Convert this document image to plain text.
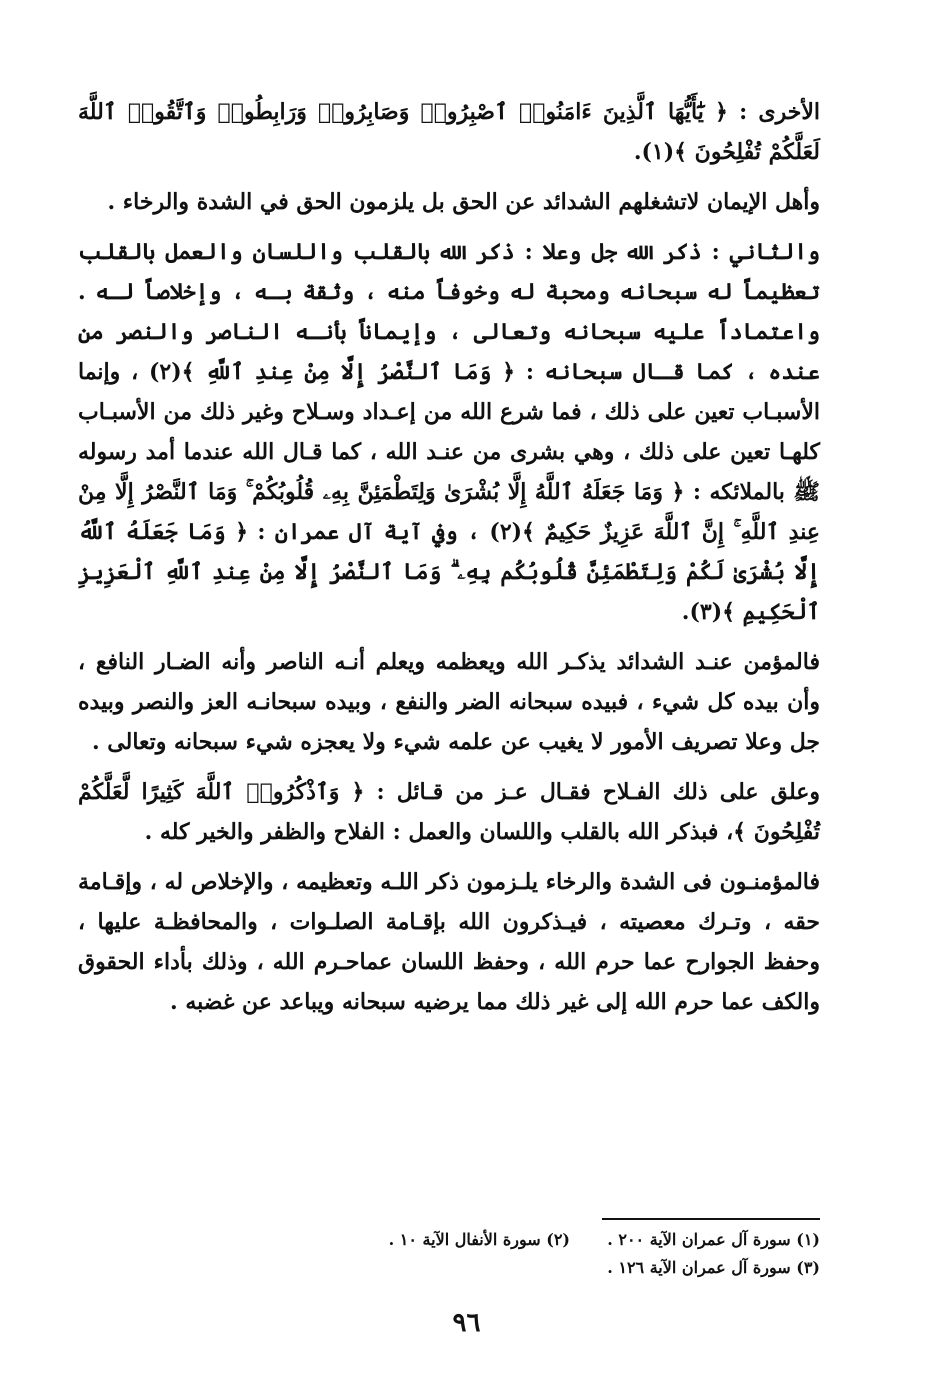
الأخرى : ﴿ يَٰٓأَيُّهَا ٱلَّذِينَ ءَامَنُوا۟ ٱصْبِرُوا۟ وَصَابِرُوا۟ وَرَابِطُوا۟ وَٱتَّقُوا۟ ٱللَّهَ لَعَلَّكُمْ تُفْلِحُونَ ﴾(١).

وأهل الإيمان لاتشغلهم الشدائد عن الحق بل يلزمون الحق في الشدة والرخاء .

والثاني : ذكر الله جل وعلا : ذكر الله بالقلب واللسان والعمل بالقلب تعظيماً له سبحانه ومحبة له وخوفاً منه ، وثقة بـه ، وإخلاصاً لـه . واعتماداً عليه سبحانه وتعالى ، وإيماناً بأنـه الناصر والنصر من عنده ، كما قـال سبحانه : ﴿ وَمَا ٱلنَّصْرُ إِلَّا مِنْ عِندِ ٱللَّهِ ﴾(٢) ، وإنما الأسبـاب تعين على ذلك ، فما شرع الله من إعـداد وسـلاح وغير ذلك من الأسبـاب كلهـا تعين على ذلك ، وهي بشرى من عنـد الله ، كما قـال الله عندما أمد رسوله ﷺ بالملائكه : ﴿ وَمَا جَعَلَهُ ٱللَّهُ إِلَّا بُشْرَىٰ وَلِتَطْمَئِنَّ بِهِۦ قُلُوبُكُمْ ۚ وَمَا ٱلنَّصْرُ إِلَّا مِنْ عِندِ ٱللَّهِ ۚ إِنَّ ٱللَّهَ عَزِيزٌ حَكِيمٌ ﴾(٢) ، وفي آية آل عمران : ﴿ وَمَا جَعَلَهُ ٱللَّهُ إِلَّا بُشْرَىٰ لَكُمْ وَلِتَطْمَئِنَّ قُلُوبُكُم بِهِۦ ۗ وَمَا ٱلنَّصْرُ إِلَّا مِنْ عِندِ ٱللَّهِ ٱلْعَزِيزِ ٱلْحَكِيمِ ﴾(٣).

فالمؤمن عنـد الشدائد يذكـر الله ويعظمه ويعلم أنـه الناصر وأنه الضـار النافع ، وأن بيده كل شيء ، فبيده سبحانه الضر والنفع ، وبيده سبحانـه العز والنصر وبيده جل وعلا تصريف الأمور لا يغيب عن علمه شيء ولا يعجزه شيء سبحانه وتعالى .

وعلق على ذلك الفـلاح فقـال عـز من قـائل : ﴿ وَٱذْكُرُوا۟ ٱللَّهَ كَثِيرًا لَّعَلَّكُمْ تُفْلِحُونَ ﴾، فبذكر الله بالقلب واللسان والعمل : الفلاح والظفر والخير كله .

فالمؤمنـون فى الشدة والرخاء يلـزمون ذكر اللـه وتعظيمه ، والإخلاص له ، وإقـامة حقه ، وتـرك معصيته ، فيـذكرون الله بإقـامة الصلـوات ، والمحافظـة عليها ، وحفظ الجوارح عما حرم الله ، وحفظ اللسان عماحـرم الله ، وذلك بأداء الحقوق والكف عما حرم الله إلى غير ذلك مما يرضيه سبحانه ويباعد عن غضبه .

(١) سورة آل عمران الآية ٢٠٠ .
(٢) سورة الأنفال الآية ١٠ .
(٣) سورة آل عمران الآية ١٢٦ .
٩٦
